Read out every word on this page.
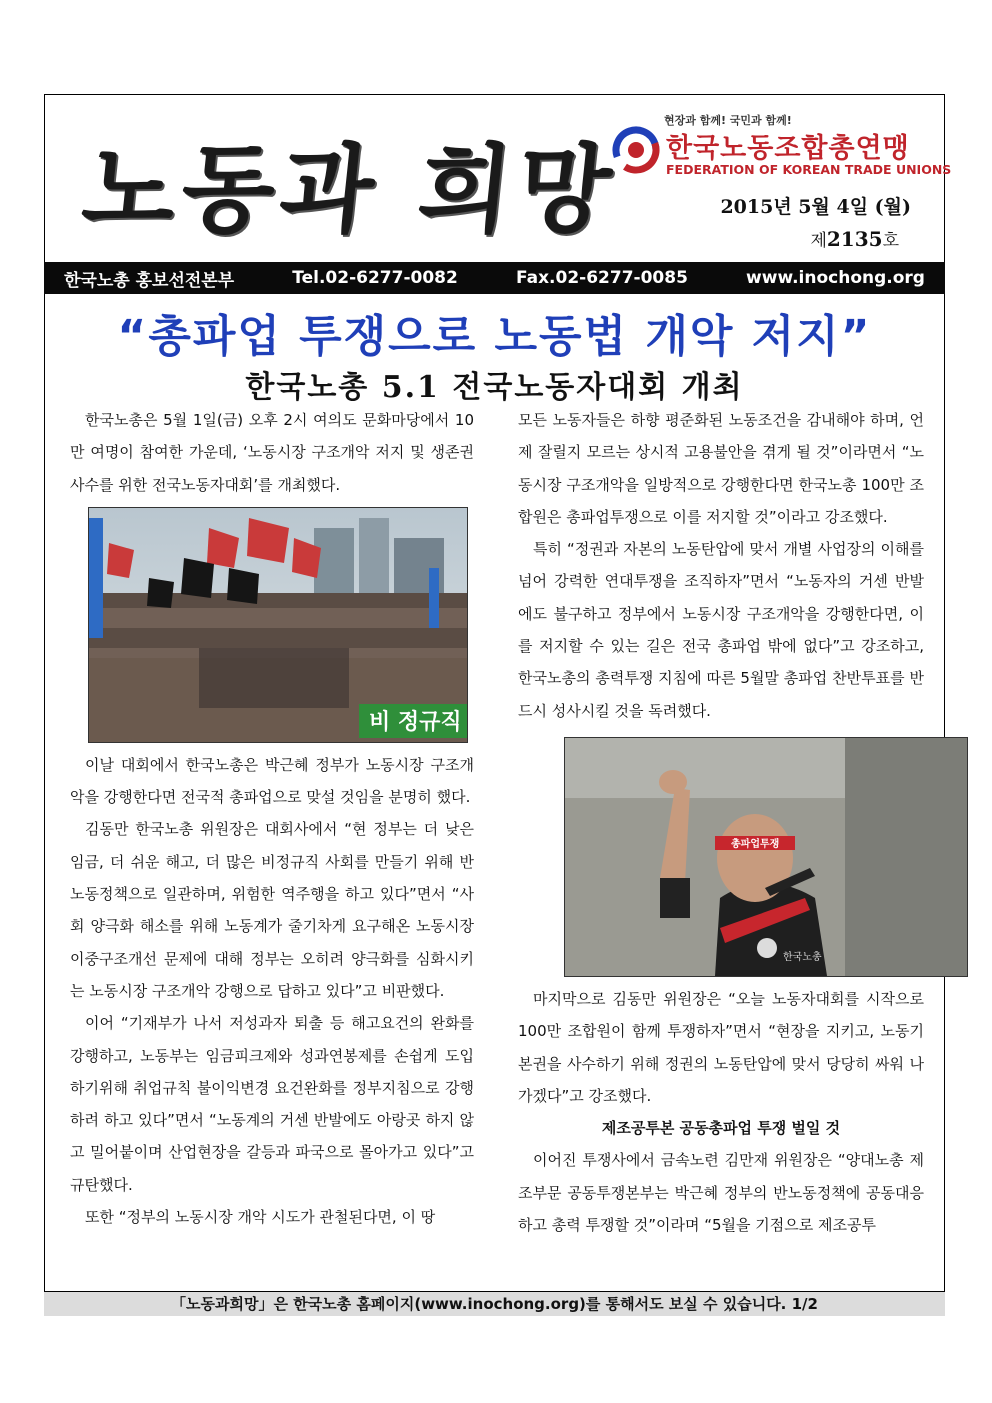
노동과 희망
현장과 함께! 국민과 함께!
한국노동조합총연맹
FEDERATION OF KOREAN TRADE UNIONS
2015년 5월 4일 (월)
제2135호
한국노총 홍보선전본부	Tel.02-6277-0082	Fax.02-6277-0085	www.inochong.org
“총파업 투쟁으로 노동법 개악 저지”
한국노총 5.1 전국노동자대회 개최

한국노총은 5월 1일(금) 오후 2시 여의도 문화마당에서 10만 여명이 참여한 가운데, ‘노동시장 구조개악 저지 및 생존권 사수를 위한 전국노동자대회’를 개최했다.

비 정규직 철

이날 대회에서 한국노총은 박근혜 정부가 노동시장 구조개악을 강행한다면 전국적 총파업으로 맞설 것임을 분명히 했다.

김동만 한국노총 위원장은 대회사에서 “현 정부는 더 낮은 임금, 더 쉬운 해고, 더 많은 비정규직 사회를 만들기 위해 반 노동정책으로 일관하며, 위험한 역주행을 하고 있다”면서 “사회 양극화 해소를 위해 노동계가 줄기차게 요구해온 노동시장 이중구조개선 문제에 대해 정부는 오히려 양극화를 심화시키는 노동시장 구조개악 강행으로 답하고 있다”고 비판했다.

이어 “기재부가 나서 저성과자 퇴출 등 해고요건의 완화를 강행하고, 노동부는 임금피크제와 성과연봉제를 손쉽게 도입하기위해 취업규칙 불이익변경 요건완화를 정부지침으로 강행하려 하고 있다”면서 “노동계의 거센 반발에도 아랑곳 하지 않고 밀어붙이며 산업현장을 갈등과 파국으로 몰아가고 있다”고 규탄했다.

또한 “정부의 노동시장 개악 시도가 관철된다면, 이 땅

모든 노동자들은 하향 평준화된 노동조건을 감내해야 하며, 언제 잘릴지 모르는 상시적 고용불안을 겪게 될 것”이라면서 “노동시장 구조개악을 일방적으로 강행한다면 한국노총 100만 조합원은 총파업투쟁으로 이를 저지할 것”이라고 강조했다.

특히 “정권과 자본의 노동탄압에 맞서 개별 사업장의 이해를 넘어 강력한 연대투쟁을 조직하자”면서 “노동자의 거센 반발에도 불구하고 정부에서 노동시장 구조개악을 강행한다면, 이를 저지할 수 있는 길은 전국 총파업 밖에 없다”고 강조하고, 한국노총의 총력투쟁 지침에 따른 5월말 총파업 찬반투표를 반드시 성사시킬 것을 독려했다.

총파업투쟁
한국노총

마지막으로 김동만 위원장은 “오늘 노동자대회를 시작으로 100만 조합원이 함께 투쟁하자”면서 “현장을 지키고, 노동기본권을 사수하기 위해 정권의 노동탄압에 맞서 당당히 싸워 나가겠다”고 강조했다.

제조공투본 공동총파업 투쟁 벌일 것

이어진 투쟁사에서 금속노련 김만재 위원장은 “양대노총 제조부문 공동투쟁본부는 박근혜 정부의 반노동정책에 공동대응하고 총력 투쟁할 것”이라며 “5월을 기점으로 제조공투

「노동과희망」은 한국노총 홈페이지(www.inochong.org)를 통해서도 보실 수 있습니다. 1/2
